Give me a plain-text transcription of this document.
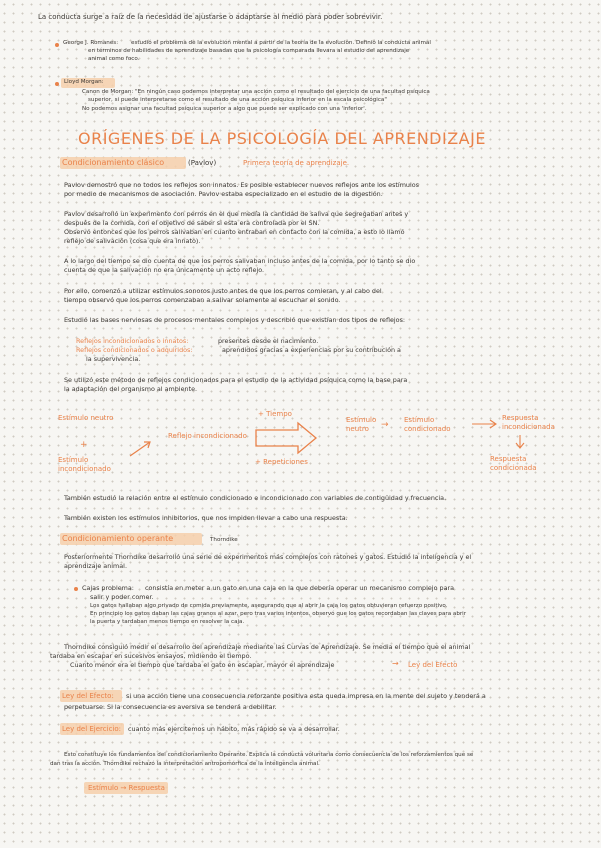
La conducta surge a raíz de la necesidad de ajustarse o adaptarse al medio para poder sobrevivir.
George J. Romanes: estudió el problema de la evolución mental a partir de la teoría de la evolución. Definió la conducta animal
en términos de habilidades de aprendizaje basadas que la psicología comparada llevara al estudio del aprendizaje
animal como foco.
Lloyd Morgan:
Canon de Morgan: "En ningún caso podemos interpretar una acción como el resultado del ejercicio de una facultad psíquica
superior, si puede interpretarse como el resultado de una acción psíquica inferior en la escala psicológica"
No podemos asignar una facultad psíquica superior a algo que puede ser explicado con una 'inferior'.
ORÍGENES DE LA PSICOLOGÍA DEL APRENDIZAJE
Condicionamiento clásico	(Pavlov)	Primera teoría de aprendizaje.
Pavlov demostró que no todos los reflejos son innatos. Es posible establecer nuevos reflejos ante los estímulos
por medio de mecanismos de asociación. Pavlov estaba especializado en el estudio de la digestión.
Pavlov desarrolló un experimento con perros en el que medía la cantidad de saliva que segregaban antes y
después de la comida, con el objetivo de saber si esta era controlada por el SN.
Observó entonces que los perros salivaban en cuanto entraban en contacto con la comida, a esto lo llamó
reflejo de salivación (cosa que era innato).
A lo largo del tiempo se dio cuenta de que los perros salivaban incluso antes de la comida, por lo tanto se dio
cuenta de que la salivación no era únicamente un acto reflejo.
Por ello, comenzó a utilizar estímulos sonoros justo antes de que los perros comieran, y al cabo del
tiempo observó que los perros comenzaban a salivar solamente al escuchar el sonido.
Estudió las bases nerviosas de procesos mentales complejos y describió que existían dos tipos de reflejos:
Reflejos incondicionados o innatos:	presentes desde el nacimiento.
Reflejos condicionados o adquiridos:	aprendidos gracias a experiencias por su contribución a
la supervivencia.
Se utilizó este método de reflejos condicionados para el estudio de la actividad psíquica como la base para
la adaptación del organismo al ambiente.
Estímulo neutro
+
Estímulo incondicionado
Reflejo incondicionado
+ Tiempo
+ Repeticiones
Estímulo neutro	→ Estímulo condicionado
Respuesta incondicionada
Respuesta condicionada
También estudió la relación entre el estímulo condicionado e incondicionado con variables de contigüidad y frecuencia.
También existen los estímulos inhibitorios, que nos impiden llevar a cabo una respuesta.
Condicionamiento operante	Thorndike
Posteriormente Thorndike desarrolló una serie de experimentos más complejos con ratones y gatos. Estudió la inteligencia y el
aprendizaje animal.
Cajas problema: consistía en meter a un gato en una caja en la que debería operar un mecanismo complejo para
salir y poder comer.
Los gatos hallaban algo privado de comida previamente, asegurando que al abrir la caja los gatos obtuvieran refuerzo positivo.
En principio los gatos daban las cajas granos al azar, pero tras varios intentos, observó que los gatos recordaban las claves para abrir
la puerta y tardaban menos tiempo en resolver la caja.
Thorndike consiguió medir el desarrollo del aprendizaje mediante las Curvas de Aprendizaje. Se media el tiempo que el animal
tardaba en escapar en sucesivos ensayos, midiendo el tiempo.
Cuanto menor era el tiempo que tardaba el gato en escapar, mayor el aprendizaje	→ Ley del Efecto
Ley del Efecto: si una acción tiene una consecuencia reforzante positiva esta queda impresa en la mente del sujeto y tenderá a
perpetuarse. Si la consecuencia es aversiva se tenderá a debilitar.
Ley del Ejercicio: cuanto más ejercitemos un hábito, más rápido se va a desarrollar.
Esto constituye los fundamentos del condicionamiento Operante. Explica la conducta voluntaria como consecuencia de los reforzamientos que se
dan tras la acción. Thorndike rechazó la interpretación antropomórfica de la inteligencia animal.
Estímulo → Respuesta
